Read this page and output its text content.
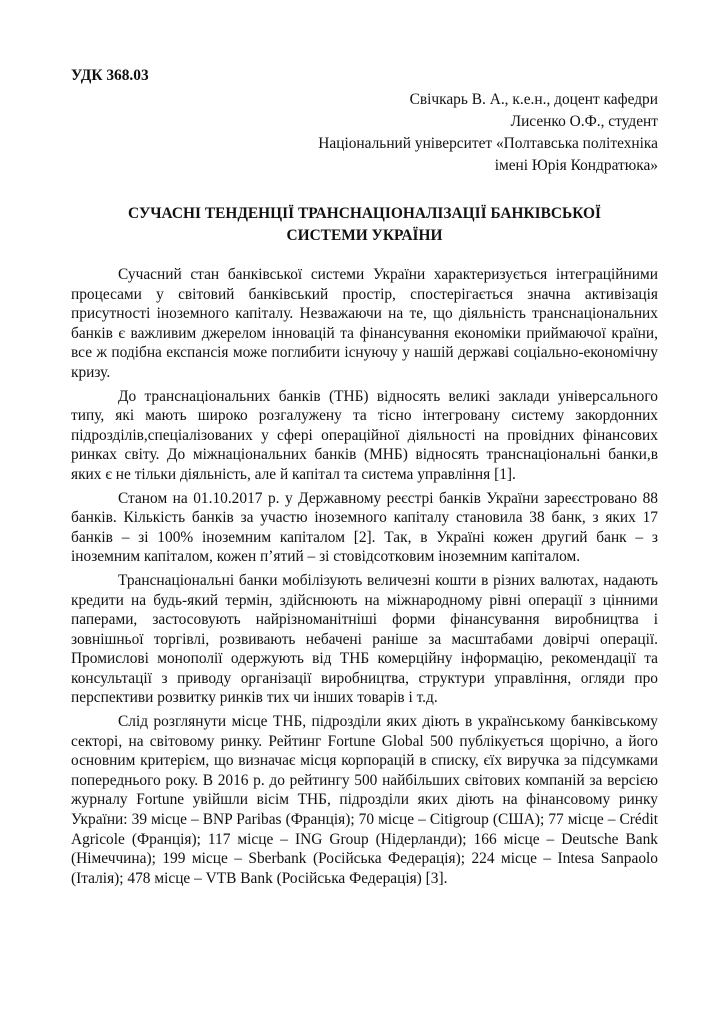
УДК 368.03
Свічкарь В. А., к.е.н., доцент кафедри
Лисенко О.Ф., студент
Національний університет «Полтавська політехніка
імені Юрія Кондратюка»
СУЧАСНІ ТЕНДЕНЦІЇ ТРАНСНАЦІОНАЛІЗАЦІЇ БАНКІВСЬКОЇ
СИСТЕМИ УКРАЇНИ

Сучасний стан банківської системи України характеризується інтеграційними процесами у світовий банківський простір, спостерігається значна активізація присутності іноземного капіталу. Незважаючи на те, що діяльність транснаціональних банків є важливим джерелом інновацій та фінансування економіки приймаючої країни, все ж подібна експансія може поглибити існуючу у нашій державі соціально-економічну кризу.

До транснаціональних банків (ТНБ) відносять великі заклади універсального типу, які мають широко розгалужену та тісно інтегровану систему закордонних підрозділів,спеціалізованих у сфері операційної діяльності на провідних фінансових ринках світу. До міжнаціональних банків (МНБ) відносять транснаціональні банки,в яких є не тільки діяльність, але й капітал та система управління [1].

Станом на 01.10.2017 р. у Державному реєстрі банків України зареєстровано 88 банків. Кількість банків за участю іноземного капіталу становила 38 банк, з яких 17 банків – зі 100% іноземним капіталом [2]. Так, в Україні кожен другий банк – з іноземним капіталом, кожен п’ятий – зі стовідсотковим іноземним капіталом.

Транснаціональні банки мобілізують величезні кошти в різних валютах, надають кредити на будь-який термін, здійснюють на міжнародному рівні операції з цінними паперами, застосовують найрізноманітніші форми фінансування виробництва і зовнішньої торгівлі, розвивають небачені раніше за масштабами довірчі операції. Промислові монополії одержують від ТНБ комерційну інформацію, рекомендації та консультації з приводу організації виробництва, структури управління, огляди про перспективи розвитку ринків тих чи інших товарів і т.д.

Слід розглянути місце ТНБ, підрозділи яких діють в українському банківському секторі, на світовому ринку. Рейтинг Fortune Global 500 публікується щорічно, а його основним критерієм, що визначає місця корпорацій в списку, єїх виручка за підсумками попереднього року. В 2016 р. до рейтингу 500 найбільших світових компаній за версією журналу Fortune увійшли вісім ТНБ, підрозділи яких діють на фінансовому ринку України: 39 місце – BNP Paribas (Франція); 70 місце – Citigroup (США); 77 місце – Crédit Agricole (Франція); 117 місце – ING Group (Нідерланди); 166 місце – Deutsche Bank (Німеччина); 199 місце – Sberbank (Російська Федерація); 224 місце – Intesa Sanpaolo (Італія); 478 місце – VTB Bank (Російська Федерація) [3].
